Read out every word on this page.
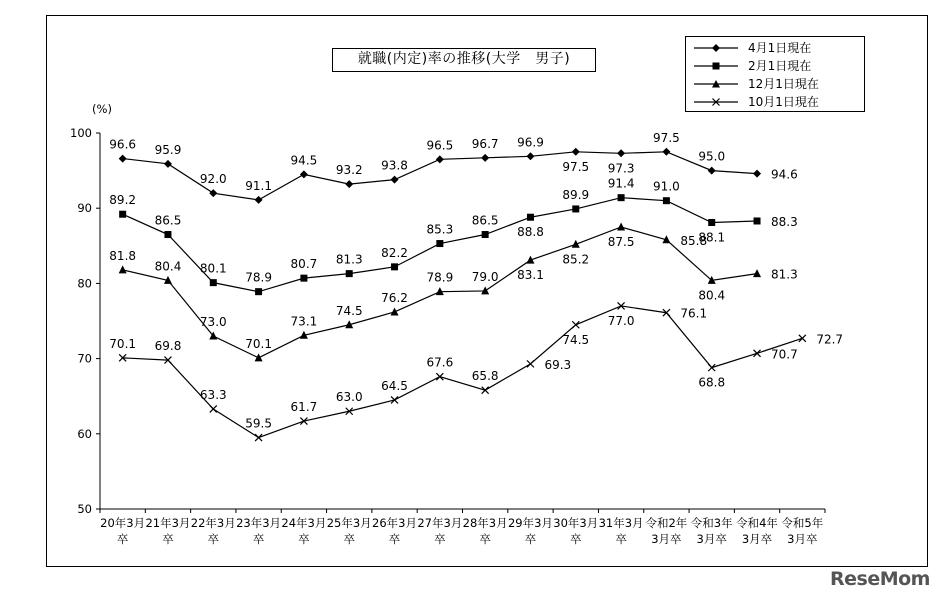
50
60
70
80
90
100
(%)
20年3月
卒
21年3月
卒
22年3月
卒
23年3月
卒
24年3月
卒
25年3月
卒
26年3月
卒
27年3月
卒
28年3月
卒
29年3月
卒
30年3月
卒
31年3月
卒
令和2年
3月卒
令和3年
3月卒
令和4年
3月卒
令和5年
3月卒
96.6 95.9
92.0 91.1
94.5
93.2 93.8
96.5 96.7 96.9
97.5 97.3
97.5
95.0
94.6
89.2
86.5
80.1
78.9
80.7 81.3 82.2
85.3
86.5
88.8
89.9
91.4 91.0
88.1
88.3
81.8
80.4
73.0
70.1
73.1
74.5
76.2
78.9 79.0 83.1
85.2
87.5	85.8
80.4
81.3
70.1 69.8
63.3
59.5
61.7
63.0
64.5
67.6
65.8
69.3
74.5
77.0
76.1
68.8
70.7
72.7
就職(内定)率の推移(大学　男子)
4月1日現在
2月1日現在
12月1日現在
10月1日現在
ReseMom
